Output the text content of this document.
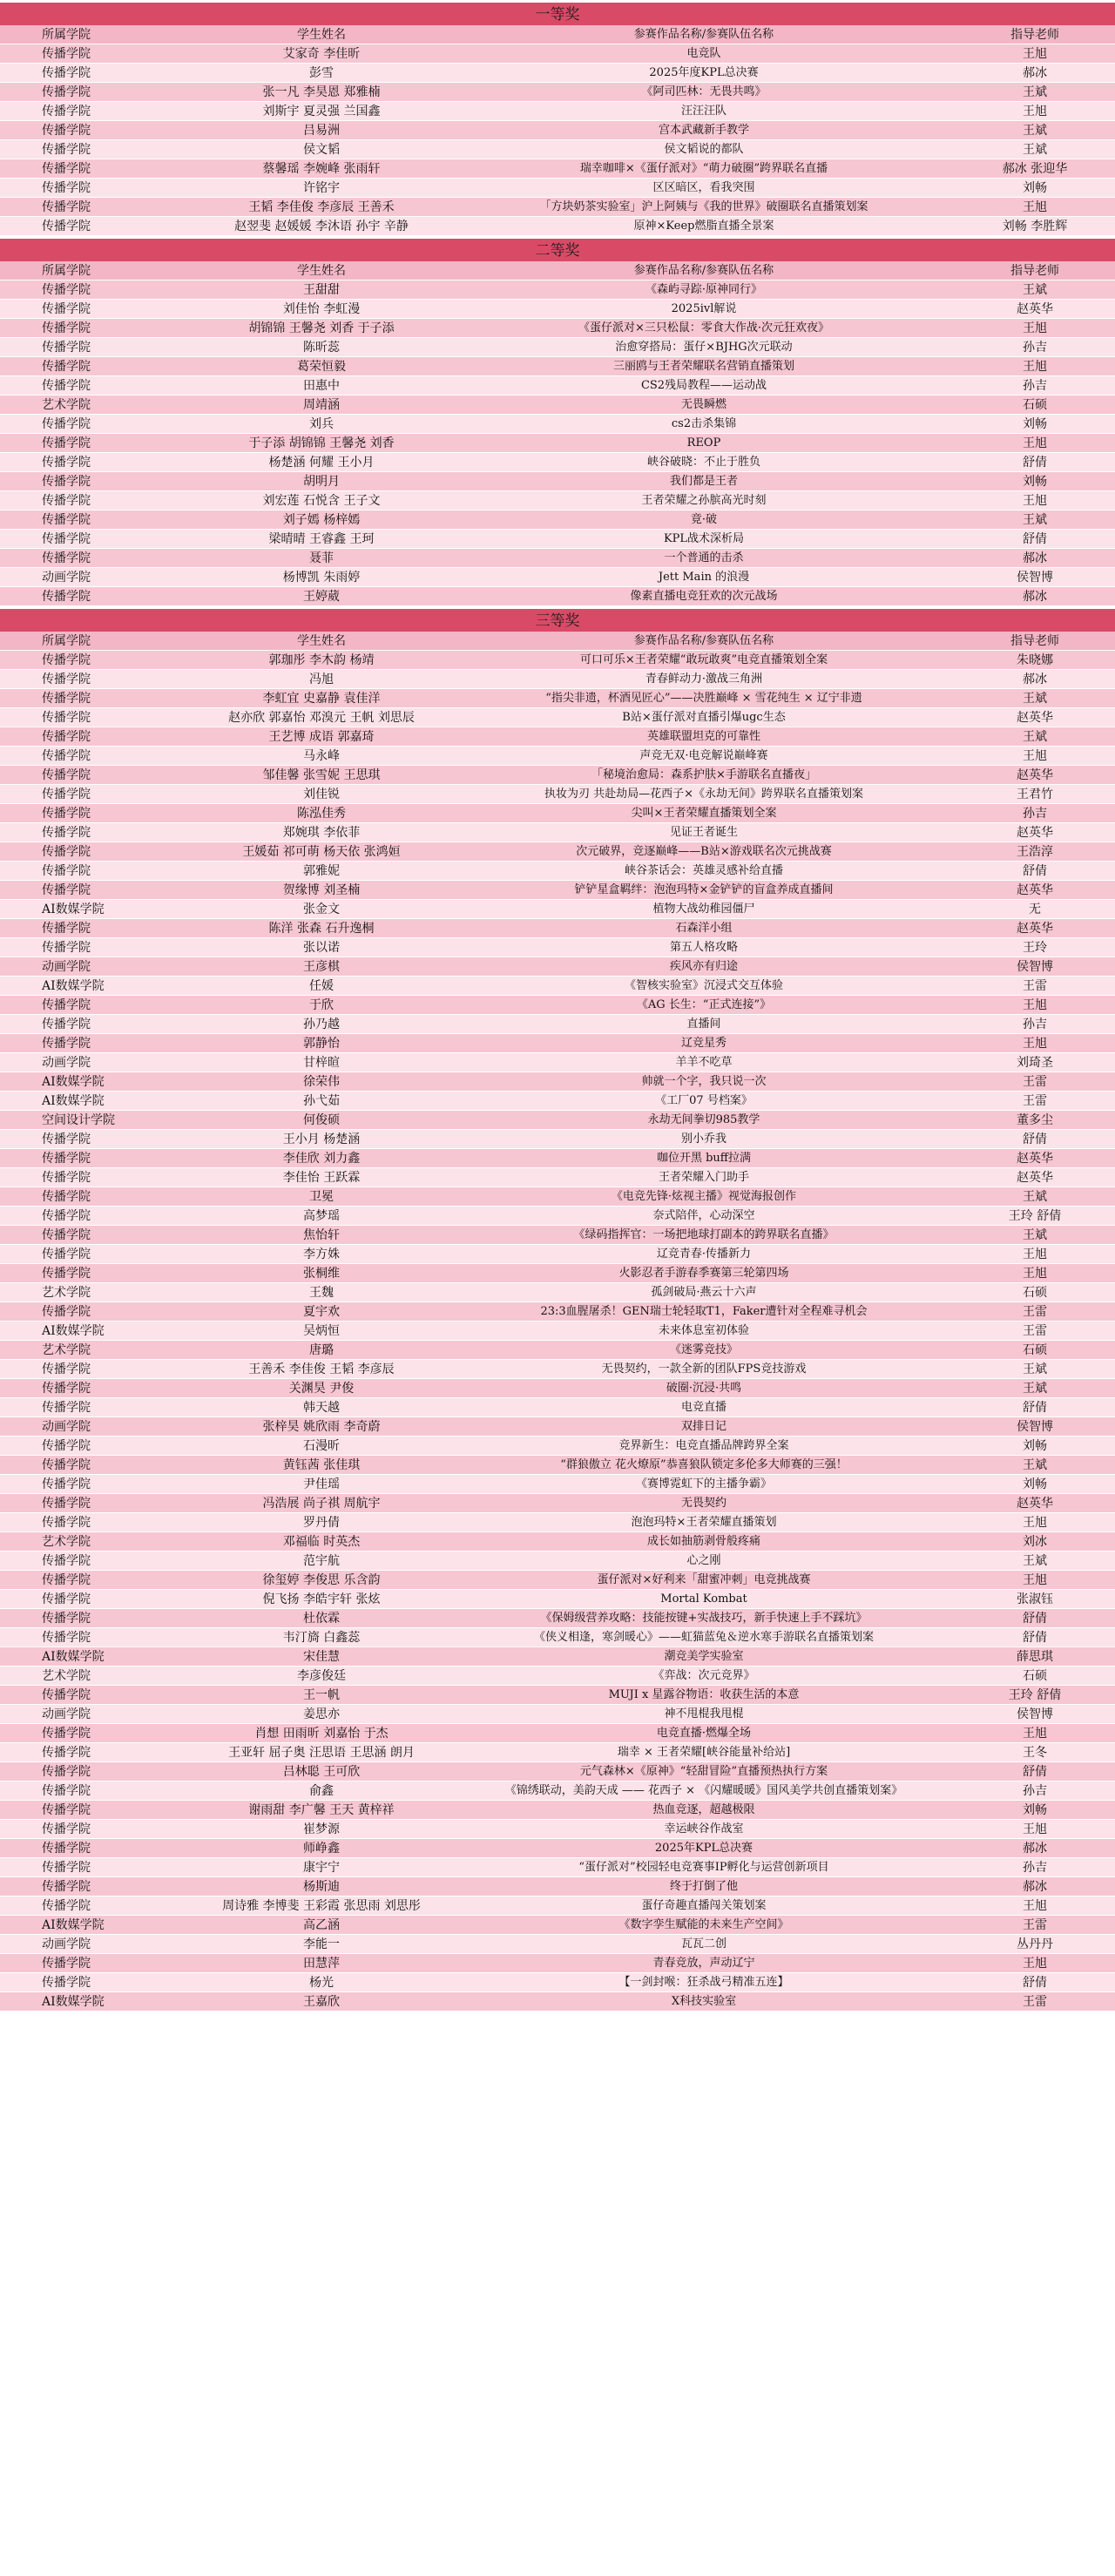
一等奖
所属学院	学生姓名	参赛作品名称/参赛队伍名称	指导老师
传播学院	艾家奇 李佳昕	电竞队	王旭
传播学院	彭雪	2025年度KPL总决赛	郝冰
传播学院	张一凡 李昊恩 郑雅楠	《阿司匹林：无畏共鸣》	王斌
传播学院	刘斯宇 夏灵强 兰国鑫	汪汪汪队	王旭
传播学院	吕易洲	宫本武藏新手教学	王斌
传播学院	侯文韬	侯文韬说的都队	王斌
传播学院	蔡馨瑶 李婉峰 张雨轩	瑞幸咖啡×《蛋仔派对》“萌力破圈”跨界联名直播	郝冰 张迎华
传播学院	许铭宇	区区暗区，看我突围	刘畅
传播学院	王韬 李佳俊 李彦辰 王善禾	「方块奶茶实验室」沪上阿姨与《我的世界》破圈联名直播策划案	王旭
传播学院	赵翌斐 赵媛媛 李沐语 孙宇 辛静	原神×Keep燃脂直播全景案	刘畅 李胜辉
二等奖
所属学院	学生姓名	参赛作品名称/参赛队伍名称	指导老师
传播学院	王甜甜	《森屿寻踪·原神同行》	王斌
传播学院	刘佳怡 李虹漫	2025ivl解说	赵英华
传播学院	胡锦锦 王馨尧 刘香 于子添	《蛋仔派对×三只松鼠：零食大作战·次元狂欢夜》	王旭
传播学院	陈昕蕊	治愈穿搭局：蛋仔×BJHG次元联动	孙吉
传播学院	葛荣恒毅	三丽鸥与王者荣耀联名营销直播策划	王旭
传播学院	田惠中	CS2残局教程——运动战	孙吉
艺术学院	周靖涵	无畏瞬燃	石硕
传播学院	刘兵	cs2击杀集锦	刘畅
传播学院	于子添 胡锦锦 王馨尧 刘香	REOP	王旭
传播学院	杨楚涵 何耀 王小月	峡谷破晓：不止于胜负	舒倩
传播学院	胡明月	我们都是王者	刘畅
传播学院	刘宏莲 石悦含 王子文	王者荣耀之孙膑高光时刻	王旭
传播学院	刘子嫣 杨梓嫣	竟·破	王斌
传播学院	梁晴晴 王睿鑫 王珂	KPL战术深析局	舒倩
传播学院	聂菲	一个普通的击杀	郝冰
动画学院	杨博凯 朱雨婷	Jett Main 的浪漫	侯智博
传播学院	王婷葳	像素直播电竞狂欢的次元战场	郝冰
三等奖
所属学院	学生姓名	参赛作品名称/参赛队伍名称	指导老师
传播学院	郭珈彤 李木韵 杨靖	可口可乐×王者荣耀“敢玩敢爽”电竞直播策划全案	朱晓娜
传播学院	冯旭	青春鲜动力·激战三角洲	郝冰
传播学院	李虹宜 史嘉静 袁佳洋	“指尖非遗，杯酒见匠心”——决胜巅峰 × 雪花纯生 × 辽宁非遗	王斌
传播学院	赵亦欣 郭嘉怡 邓溴元 王帆 刘思辰	B站×蛋仔派对直播引爆ugc生态	赵英华
传播学院	王艺博 成语 郭嘉琦	英雄联盟坦克的可靠性	王斌
传播学院	马永峰	声竞无双·电竞解说巅峰赛	王旭
传播学院	邹佳馨 张雪妮 王思琪	「秘境治愈局：森系护肤×手游联名直播夜」	赵英华
传播学院	刘佳锐	执妆为刃 共赴劫局—花西子×《永劫无间》跨界联名直播策划案	王君竹
传播学院	陈泓佳秀	尖叫×王者荣耀直播策划全案	孙吉
传播学院	郑婉琪 李依菲	见证王者诞生	赵英华
传播学院	王媛茹 祁可萌 杨天依 张鸿姮	次元破界，竞逐巅峰——B站×游戏联名次元挑战赛	王浩淳
传播学院	郭雅妮	峡谷茶话会：英雄灵感补给直播	舒倩
传播学院	贺缘博 刘圣楠	铲铲星盒羁绊：泡泡玛特×金铲铲的盲盒养成直播间	赵英华
AI数媒学院	张金文	植物大战幼稚园僵尸	无
传播学院	陈洋 张森 石升逸桐	石森洋小组	赵英华
传播学院	张以诺	第五人格攻略	王玲
动画学院	王彦棋	疾风亦有归途	侯智博
AI数媒学院	任媛	《智核实验室》沉浸式交互体验	王雷
传播学院	于欣	《AG 长生：“正式连接”》	王旭
传播学院	孙乃越	直播间	孙吉
传播学院	郭静怡	辽竞星秀	王旭
动画学院	甘梓暄	羊羊不吃草	刘琦圣
AI数媒学院	徐荣伟	帅就一个字，我只说一次	王雷
AI数媒学院	孙弋茹	《工厂07 号档案》	王雷
空间设计学院	何俊硕	永劫无间拳切985教学	董多尘
传播学院	王小月 杨楚涵	别小乔我	舒倩
传播学院	李佳欣 刘力鑫	咖位开黑 buff拉满	赵英华
传播学院	李佳怡 王跃霖	王者荣耀入门助手	赵英华
传播学院	卫冕	《电竞先锋·炫视主播》视觉海报创作	王斌
传播学院	高梦瑶	奈式陪伴，心动深空	王玲 舒倩
传播学院	焦怡轩	《绿码指挥官：一场把地球打副本的跨界联名直播》	王斌
传播学院	李方姝	辽竞青春·传播新力	王旭
传播学院	张桐维	火影忍者手游春季赛第三轮第四场	王旭
艺术学院	王魏	孤剑破局·燕云十六声	石硕
传播学院	夏宇欢	23:3血腥屠杀！GEN瑞士轮轻取T1，Faker遭针对全程难寻机会	王雷
AI数媒学院	吴炳恒	未来体息室初体验	王雷
艺术学院	唐璐	《迷雾竞技》	石硕
传播学院	王善禾 李佳俊 王韬 李彦辰	无畏契约，一款全新的团队FPS竞技游戏	王斌
传播学院	关渊昊 尹俊	破圈·沉浸·共鸣	王斌
传播学院	韩天越	电竞直播	舒倩
动画学院	张梓昊 姚欣雨 李奇蔚	双排日记	侯智博
传播学院	石漫昕	竞界新生：电竞直播品牌跨界全案	刘畅
传播学院	黄钰茜 张佳琪	“群狼傲立 花火燎原”恭喜狼队锁定多伦多大师赛的三强！	王斌
传播学院	尹佳瑶	《赛博霓虹下的主播争霸》	刘畅
传播学院	冯浩展 尚子祺 周航宇	无畏契约	赵英华
传播学院	罗丹倩	泡泡玛特×王者荣耀直播策划	王旭
艺术学院	邓福临 时英杰	成长如抽筋剥骨般疼痛	刘冰
传播学院	范宇航	心之刚	王斌
传播学院	徐玺婷 李俊思 乐含韵	蛋仔派对×好利来「甜蜜冲刺」电竞挑战赛	王旭
传播学院	倪飞扬 李皓宇轩 张炫	Mortal Kombat	张淑钰
传播学院	杜依霖	《保姆级营养攻略：技能按键+实战技巧，新手快速上手不踩坑》	舒倩
传播学院	韦汀旖 白鑫蕊	《侠义相逢，寒剑暖心》——虹猫蓝兔＆逆水寒手游联名直播策划案	舒倩
AI数媒学院	宋佳慧	潮竞美学实验室	薛思琪
艺术学院	李彦俊廷	《弈战：次元竞界》	石硕
传播学院	王一帆	MUJI x 星露谷物语：收获生活的本意	王玲 舒倩
动画学院	姜思亦	神不甩棍我甩棍	侯智博
传播学院	肖想 田雨昕 刘嘉怡 于杰	电竞直播·燃爆全场	王旭
传播学院	王亚轩 屈子奥 汪思语 王思涵 朗月	瑞幸 × 王者荣耀[峡谷能量补给站]	王冬
传播学院	吕林聪 王可欣	元气森林×《原神》“轻甜冒险”直播预热执行方案	舒倩
传播学院	俞鑫	《锦绣联动，美韵天成 —— 花西子 × 《闪耀暖暖》国风美学共创直播策划案》	孙吉
传播学院	谢雨甜 李广馨 王天 黄梓祥	热血竞逐，超越极限	刘畅
传播学院	崔梦源	幸运峡谷作战室	王旭
传播学院	师峥鑫	2025年KPL总决赛	郝冰
传播学院	康宇宁	“蛋仔派对”校园轻电竞赛事IP孵化与运营创新项目	孙吉
传播学院	杨斯迪	终于打倒了他	郝冰
传播学院	周诗雅 李博斐 王彩霞 张思雨 刘思彤	蛋仔奇趣直播闯关策划案	王旭
AI数媒学院	高乙涵	《数字孪生赋能的未来生产空间》	王雷
动画学院	李能一	瓦瓦二创	丛丹丹
传播学院	田慧萍	青春竞放，声动辽宁	王旭
传播学院	杨光	【一剑封喉：狂杀战弓精准五连】	舒倩
AI数媒学院	王嘉欣	X科技实验室	王雷
